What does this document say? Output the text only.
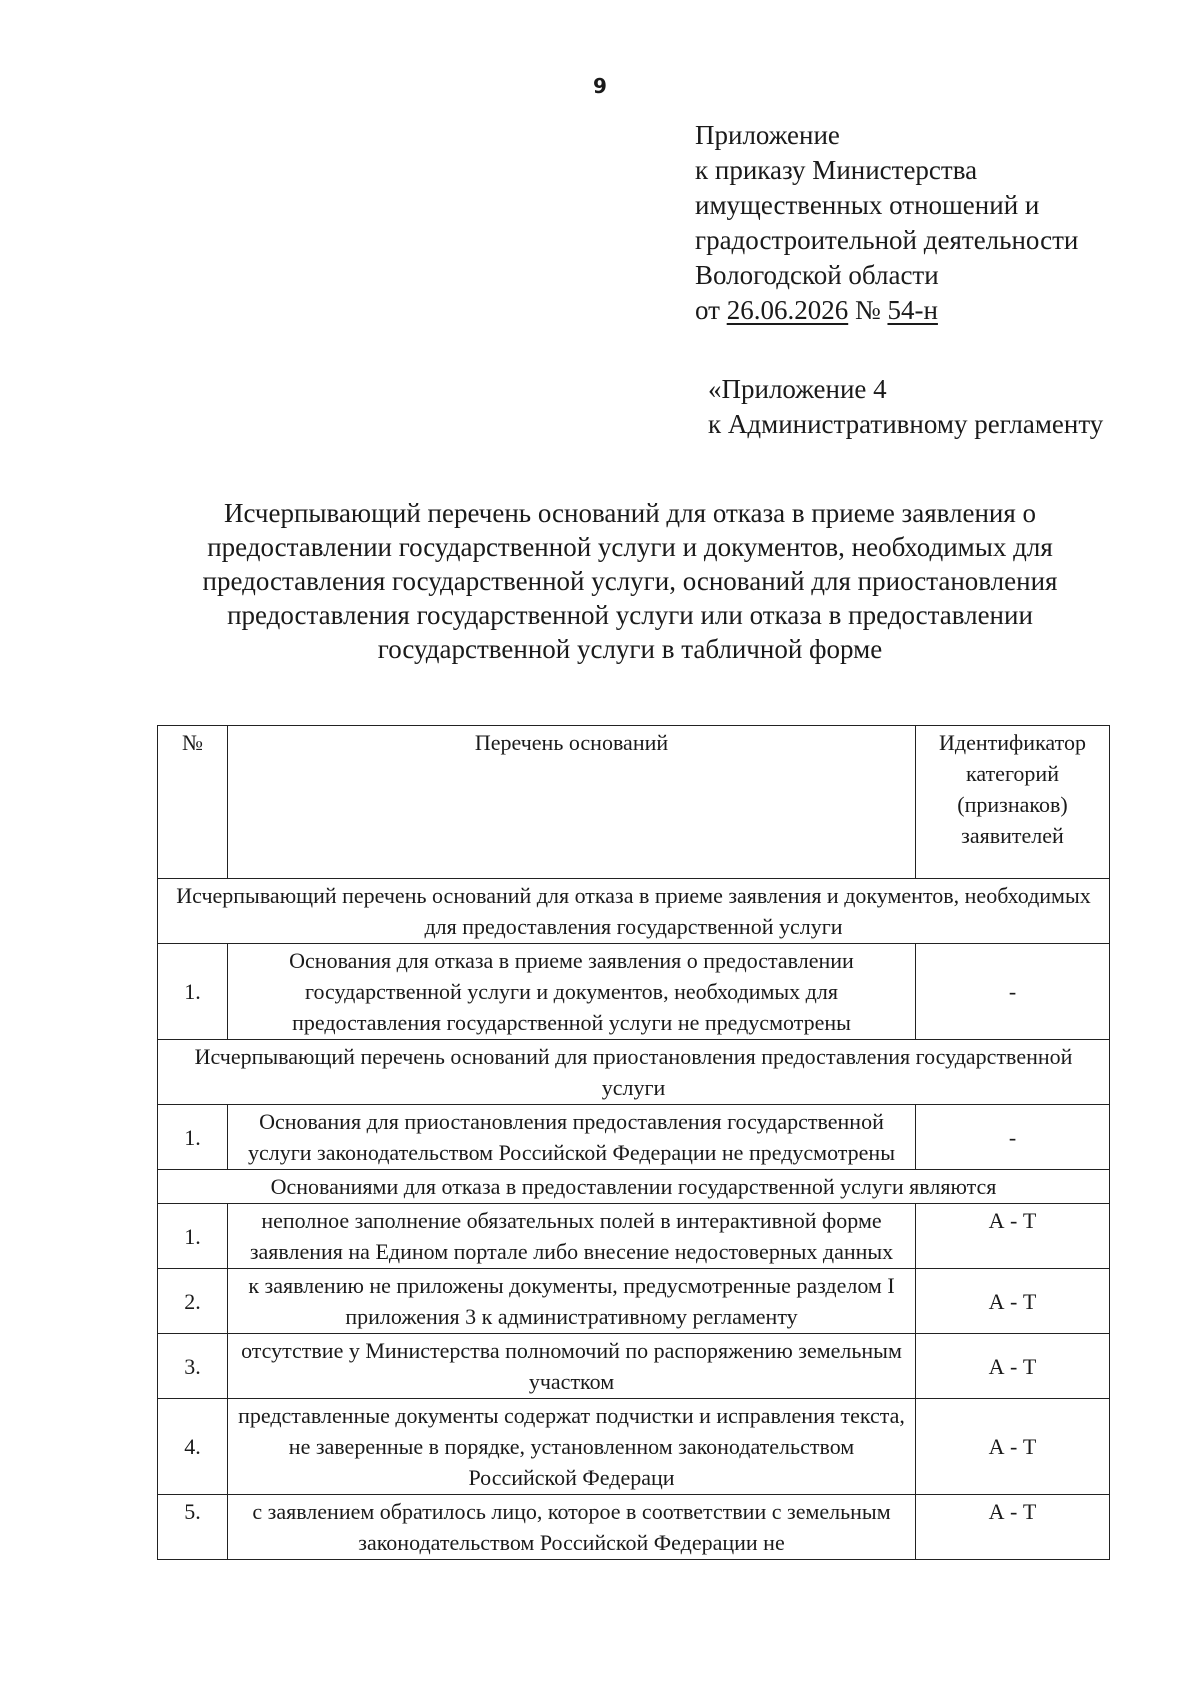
9
Приложение
к приказу Министерства
имущественных отношений и
градостроительной деятельности
Вологодской области
от 26.06.2026 № 54-н
«Приложение 4
к Административному регламенту
Исчерпывающий перечень оснований для отказа в приеме заявления о предоставлении государственной услуги и документов, необходимых для предоставления государственной услуги, оснований для приостановления предоставления государственной услуги или отказа в предоставлении государственной услуги в табличной форме
№	Перечень оснований	Идентификатор категорий (признаков) заявителей
Исчерпывающий перечень оснований для отказа в приеме заявления и документов, необходимых для предоставления государственной услуги		
1.	Основания для отказа в приеме заявления о предоставлении государственной услуги и документов, необходимых для предоставления государственной услуги не предусмотрены	-
Исчерпывающий перечень оснований для приостановления предоставления государственной услуги		
1.	Основания для приостановления предоставления государственной услуги законодательством Российской Федерации не предусмотрены	-
Основаниями для отказа в предоставлении государственной услуги являются		
1.	неполное заполнение обязательных полей в интерактивной форме заявления на Едином портале либо внесение недостоверных данных	А - Т
2.	к заявлению не приложены документы, предусмотренные разделом I приложения 3 к административному регламенту	А - Т
3.	отсутствие у Министерства полномочий по распоряжению земельным участком	А - Т
4.	представленные документы содержат подчистки и исправления текста, не заверенные в порядке, установленном законодательством Российской Федераци	А - Т
5.	с заявлением обратилось лицо, которое в соответствии с земельным законодательством Российской Федерации не	А - Т
